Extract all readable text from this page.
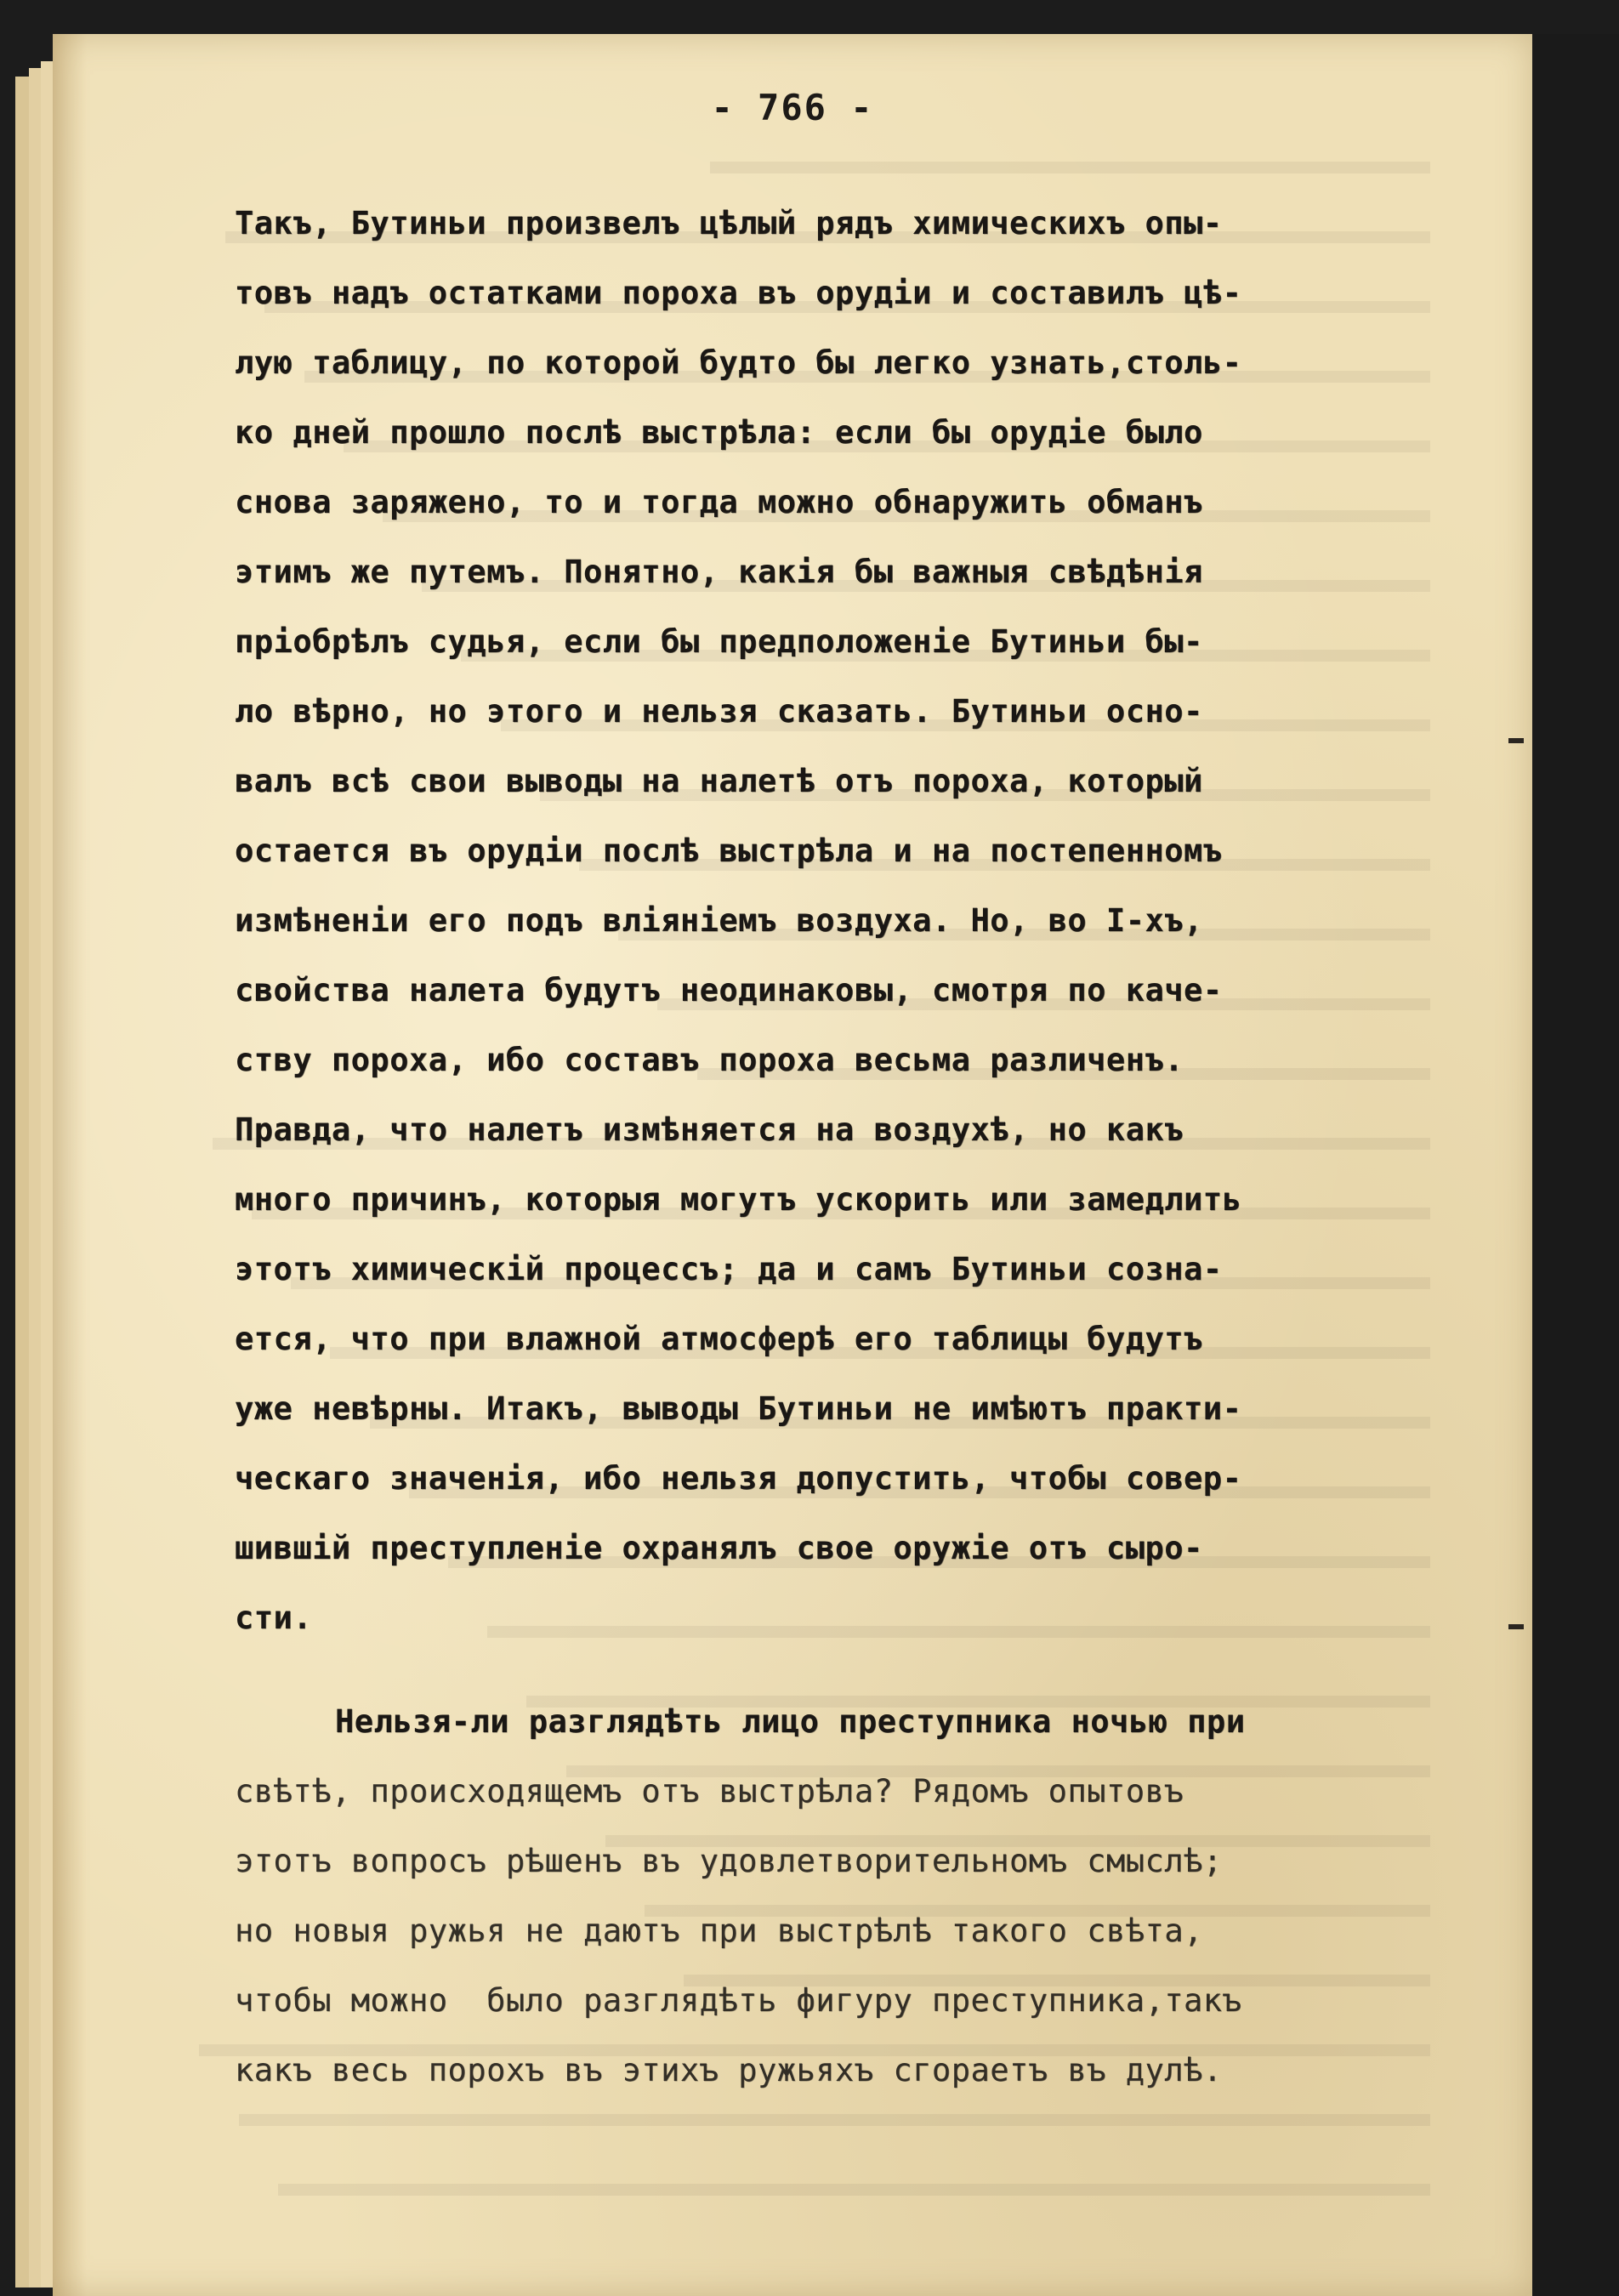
- 766 -
Такъ, Бутиньи произвелъ цѣлый рядъ химическихъ опы-
товъ надъ остатками пороха въ орудіи и составилъ цѣ-
лую таблицу, по которой будто бы легко узнать,столь-
ко дней прошло послѣ выстрѣла: если бы орудіе было
снова заряжено, то и тогда можно обнаружить обманъ
этимъ же путемъ. Понятно, какія бы важныя свѣдѣнія
пріобрѣлъ судья, если бы предположеніе Бутиньи бы-
ло вѣрно, но этого и нельзя сказать. Бутиньи осно-
валъ всѣ свои выводы на налетѣ отъ пороха, который
остается въ орудіи послѣ выстрѣла и на постепенномъ
измѣненіи его подъ вліяніемъ воздуха. Но, во I-хъ,
свойства налета будутъ неодинаковы, смотря по каче-
ству пороха, ибо составъ пороха весьма различенъ.
Правда, что налетъ измѣняется на воздухѣ, но какъ
много причинъ, которыя могутъ ускорить или замедлить
этотъ химическій процессъ; да и самъ Бутиньи созна-
ется, что при влажной атмосферѣ его таблицы будутъ
уже невѣрны. Итакъ, выводы Бутиньи не имѣютъ практи-
ческаго значенія, ибо нельзя допустить, чтобы совер-
шившій преступленіе охранялъ свое оружіе отъ сыро-
сти.
Нельзя-ли разглядѣть лицо преступника ночью при
свѣтѣ, происходящемъ отъ выстрѣла? Рядомъ опытовъ
этотъ вопросъ рѣшенъ въ удовлетворительномъ смыслѣ;
но новыя ружья не даютъ при выстрѣлѣ такого свѣта,
чтобы можно  было разглядѣть фигуру преступника,такъ
какъ весь порохъ въ этихъ ружьяхъ сгораетъ въ дулѣ.
